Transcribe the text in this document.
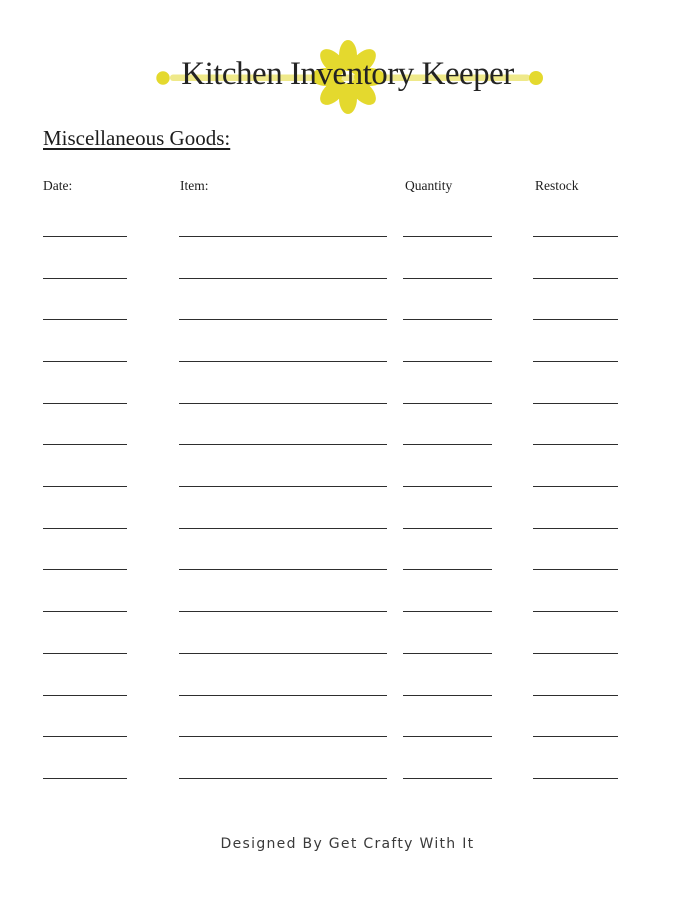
Kitchen Inventory Keeper
Miscellaneous Goods:
Date:	Item:	Quantity	Restock
Designed By Get Crafty With It
